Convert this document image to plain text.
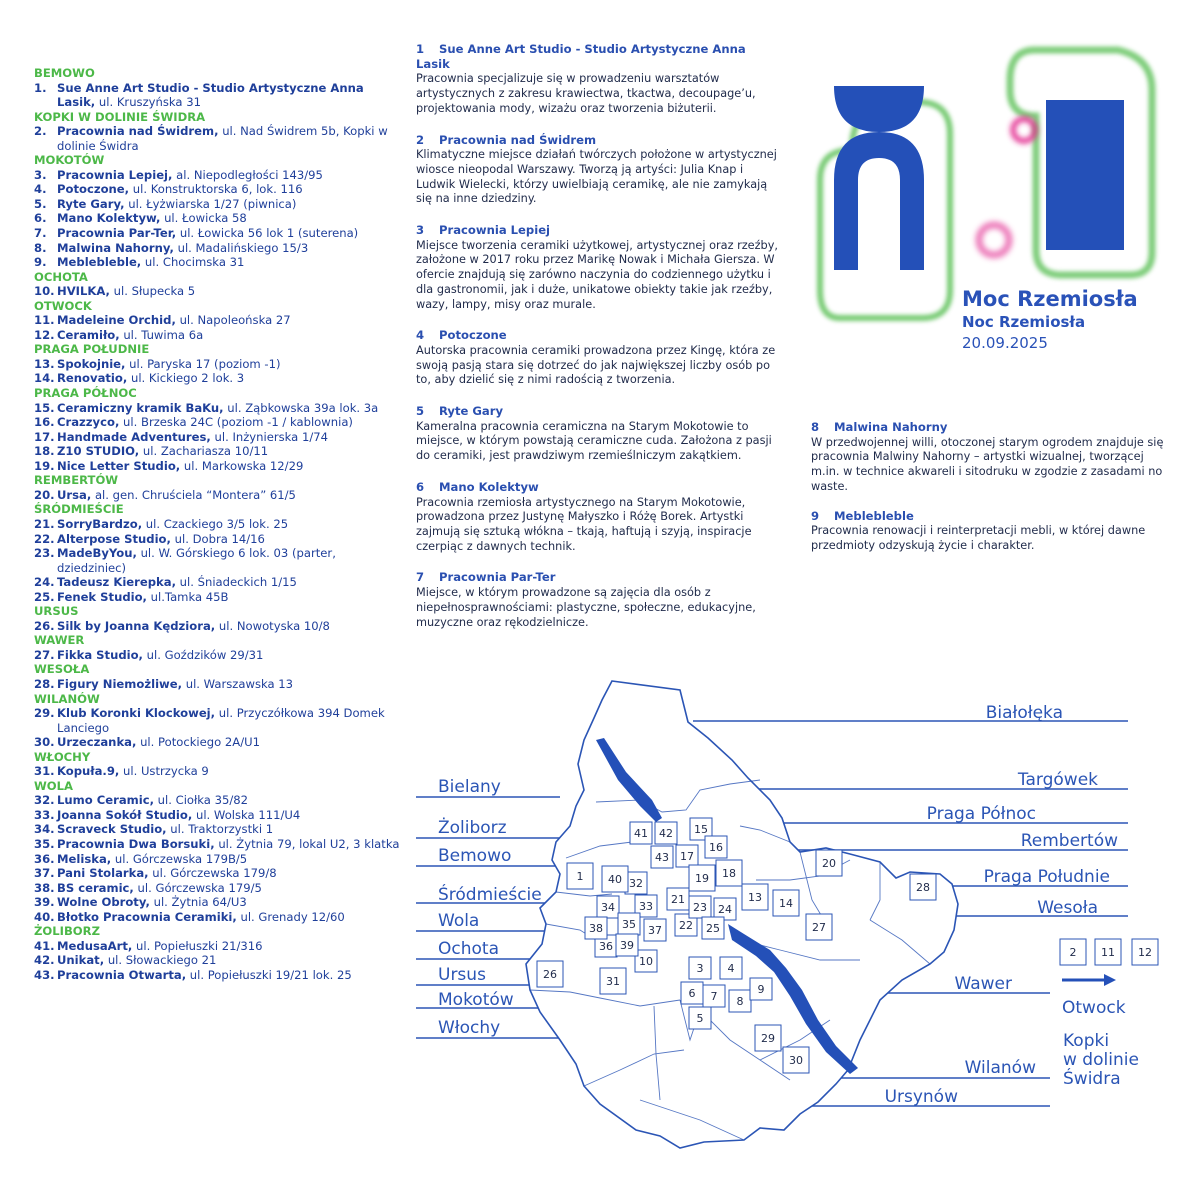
BEMOWO
1. Sue Anne Art Studio - Studio Artystyczne Anna Lasik, ul. Kruszyńska 31
KOPKI W DOLINIE ŚWIDRA
2. Pracownia nad Świdrem, ul. Nad Świdrem 5b, Kopki w dolinie Świdra
MOKOTÓW
3. Pracownia Lepiej, al. Niepodległości 143/95
4. Potoczone, ul. Konstruktorska 6, lok. 116
5. Ryte Gary, ul. Łyżwiarska 1/27 (piwnica)
6. Mano Kolektyw, ul. Łowicka 58
7. Pracownia Par-Ter, ul. Łowicka 56 lok 1 (suterena)
8. Malwina Nahorny, ul. Madalińskiego 15/3
9. Meblebleble, ul. Chocimska 31
OCHOTA
10. HVILKA, ul. Słupecka 5
OTWOCK
11. Madeleine Orchid, ul. Napoleońska 27
12. Ceramiło, ul. Tuwima 6a
PRAGA POŁUDNIE
13. Spokojnie, ul. Paryska 17 (poziom -1)
14. Renovatio, ul. Kickiego 2 lok. 3
PRAGA PÓŁNOC
15. Ceramiczny kramik BaKu, ul. Ząbkowska 39a lok. 3a
16. Crazzyco, ul. Brzeska 24C (poziom -1 / kablownia)
17. Handmade Adventures, ul. Inżynierska 1/74
18. Z10 STUDIO, ul. Zachariasza 10/11
19. Nice Letter Studio, ul. Markowska 12/29
REMBERTÓW
20. Ursa, al. gen. Chruściela “Montera” 61/5
ŚRÓDMIEŚCIE
21. SorryBardzo, ul. Czackiego 3/5 lok. 25
22. Alterpose Studio, ul. Dobra 14/16
23. MadeByYou, ul. W. Górskiego 6 lok. 03 (parter, dziedziniec)
24. Tadeusz Kierepka, ul. Śniadeckich 1/15
25. Fenek Studio, ul.Tamka 45B
URSUS
26. Silk by Joanna Kędziora, ul. Nowotyska 10/8
WAWER
27. Fikka Studio, ul. Goździków 29/31
WESOŁA
28. Figury Niemożliwe, ul. Warszawska 13
WILANÓW
29. Klub Koronki Klockowej, ul. Przyczółkowa 394 Domek Lanciego
30. Urzeczanka, ul. Potockiego 2A/U1
WŁOCHY
31. Kopuła.9, ul. Ustrzycka 9
WOLA
32. Lumo Ceramic, ul. Ciołka 35/82
33. Joanna Sokół Studio, ul. Wolska 111/U4
34. Scraveck Studio, ul. Traktorzystki 1
35. Pracownia Dwa Borsuki, ul. Żytnia 79, lokal U2, 3 klatka
36. Meliska, ul. Górczewska 179B/5
37. Pani Stolarka, ul. Górczewska 179/8
38. BS ceramic, ul. Górczewska 179/5
39. Wolne Obroty, ul. Żytnia 64/U3
40. Błotko Pracownia Ceramiki, ul. Grenady 12/60
ŻOLIBORZ
41. MedusaArt, ul. Popiełuszki 21/316
42. Unikat, ul. Słowackiego 21
43. Pracownia Otwarta, ul. Popiełuszki 19/21 lok. 25
1 Sue Anne Art Studio - Studio Artystyczne Anna Lasik
Pracownia specjalizuje się w prowadzeniu warsztatów artystycznych z zakresu krawiectwa, tkactwa, decoupage’u, projektowania mody, wizażu oraz tworzenia biżuterii.
2 Pracownia nad Świdrem
Klimatyczne miejsce działań twórczych położone w artystycznej wiosce nieopodal Warszawy. Tworzą ją artyści: Julia Knap i Ludwik Wielecki, którzy uwielbiają ceramikę, ale nie zamykają się na inne dziedziny.
3 Pracownia Lepiej
Miejsce tworzenia ceramiki użytkowej, artystycznej oraz rzeźby, założone w 2017 roku przez Marikę Nowak i Michała Giersza. W ofercie znajdują się zarówno naczynia do codziennego użytku i dla gastronomii, jak i duże, unikatowe obiekty takie jak rzeźby, wazy, lampy, misy oraz murale.
4 Potoczone
Autorska pracownia ceramiki prowadzona przez Kingę, która ze swoją pasją stara się dotrzeć do jak największej liczby osób po to, aby dzielić się z nimi radością z tworzenia.
5 Ryte Gary
Kameralna pracownia ceramiczna na Starym Mokotowie to miejsce, w którym powstają ceramiczne cuda. Założona z pasji do ceramiki, jest prawdziwym rzemieślniczym zakątkiem.
6 Mano Kolektyw
Pracownia rzemiosła artystycznego na Starym Mokotowie, prowadzona przez Justynę Małyszko i Różę Borek. Artystki zajmują się sztuką włókna – tkają, haftują i szyją, inspiracje czerpiąc z dawnych technik.
7 Pracownia Par-Ter
Miejsce, w którym prowadzone są zajęcia dla osób z niepełnosprawnościami: plastyczne, społeczne, edukacyjne, muzyczne oraz rękodzielnicze.
8 Malwina Nahorny
W przedwojennej willi, otoczonej starym ogrodem znajduje się pracownia Malwiny Nahorny – artystki wizualnej, tworzącej m.in. w technice akwareli i sitodruku w zgodzie z zasadami no waste.
9 Meblebleble
Pracownia renowacji i reinterpretacji mebli, w której dawne przedmioty odzyskują życie i charakter.
Moc Rzemiosła
Noc Rzemiosła
20.09.2025
Bielany
Żoliborz
Bemowo
Śródmieście
Wola
Ochota
Ursus
Mokotów
Włochy
Białołęka
Targówek
Praga Północ
Rembertów
Praga Południe
Wesoła
Wawer
Wilanów
Ursynów
Otwock
Kopki
w dolinie
Świdra
1
3 4
5
6 7 8
9
10
13 14
15
16
17
18
19
20
21
22
23 24
25
26
27
28
29
30
31
32
33
34
35
36
37
38
39
40
41 42
43
2 11 12
